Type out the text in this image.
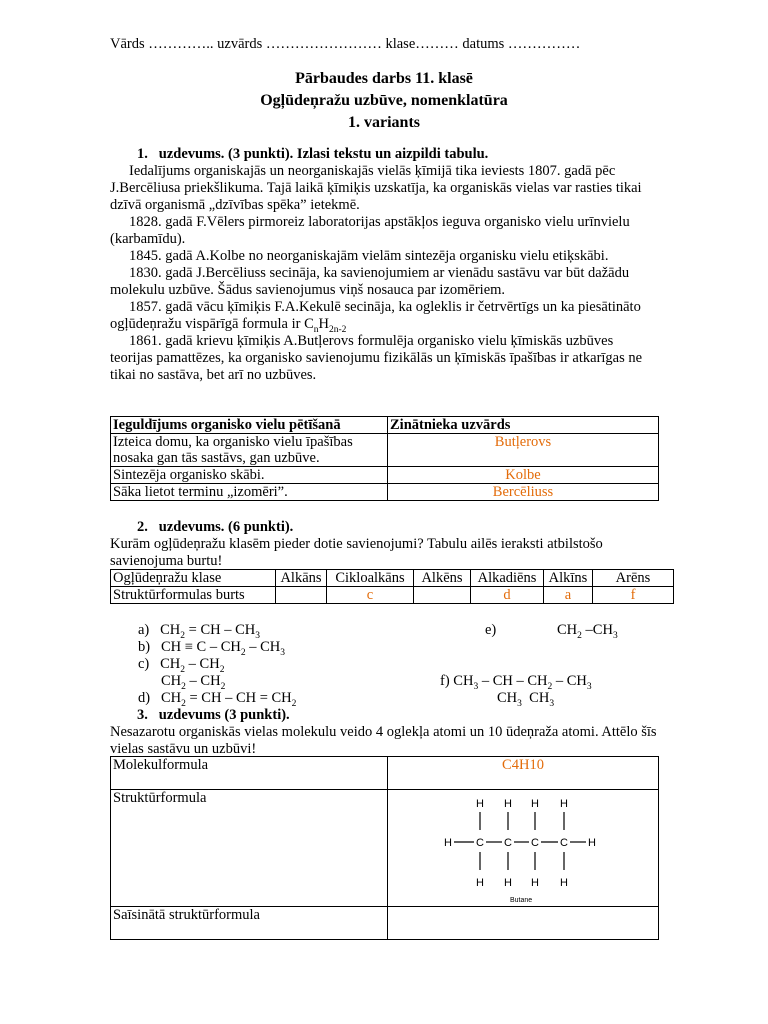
Vārds ………….. uzvārds …………………… klase……… datums ……………
Pārbaudes darbs 11. klasē
Ogļūdeņražu uzbūve, nomenklatūra
1. variants

1. uzdevums. (3 punkti). Izlasi tekstu un aizpildi tabulu.

Iedalījums organiskajās un neorganiskajās vielās ķīmijā tika ieviests 1807. gadā pēc J.Bercēliusa priekšlikuma. Tajā laikā ķīmiķis uzskatīja, ka organiskās vielas var rasties tikai dzīvā organismā „dzīvības spēka” ietekmē.

1828. gadā F.Vēlers pirmoreiz laboratorijas apstākļos ieguva organisko vielu urīnvielu (karbamīdu).

1845. gadā A.Kolbe no neorganiskajām vielām sintezēja organisku vielu etiķskābi.

1830. gadā J.Bercēliuss secināja, ka savienojumiem ar vienādu sastāvu var būt dažādu molekulu uzbūve. Šādus savienojumus viņš nosauca par izomēriem.

1857. gadā vācu ķīmiķis F.A.Kekulē secināja, ka ogleklis ir četrvērtīgs un ka piesātināto ogļūdeņražu vispārīgā formula ir $C_nH_{2n-2}$

1861. gadā krievu ķīmiķis A.Butļerovs formulēja organisko vielu ķīmiskās uzbūves teorijas pamattēzes, ka organisko savienojumu fizikālās un ķīmiskās īpašības ir atkarīgas ne tikai no sastāva, bet arī no uzbūves.

Ieguldījums organisko vielu pētīšanā	Zinātnieka uzvārds
Izteica domu, ka organisko vielu īpašības nosaka gan tās sastāvs, gan uzbūve.	Butļerovs
Sintezēja organisko skābi.	Kolbe
Sāka lietot terminu „izomēri”.	Bercēliuss

2. uzdevums. (6 punkti).

Kurām ogļūdeņražu klasēm pieder dotie savienojumi? Tabulu ailēs ieraksti atbilstošo savienojuma burtu!

Ogļūdeņražu klase	Alkāns	Cikloalkāns	Alkēns	Alkadiēns	Alkīns	Arēns
Struktūrformulas burts		c		d	a	f
a)   $CH_2$ = CH – $CH_3$
b)   CH ≡ C – $CH_2 - CH_3$
c)   $CH_2 - CH_2$
$CH_2 - CH_2$
d)   $CH_2$ = CH – CH = $CH_2$
e)	$CH_2$ $-CH_3$
f) $CH_3$ – CH – $CH_2 - CH_3$
$CH_3$  $CH_3$

3. uzdevums (3 punkti).

Nesazarotu organiskās vielas molekulu veido 4 oglekļa atomi un 10 ūdeņraža atomi. Attēlo šīs vielas sastāvu un uzbūvi!

Molekulformula	C4H10
Struktūrformula	
Saīsinātā struktūrformula	
H H H H
H C C C C H
H H H H
Butane
